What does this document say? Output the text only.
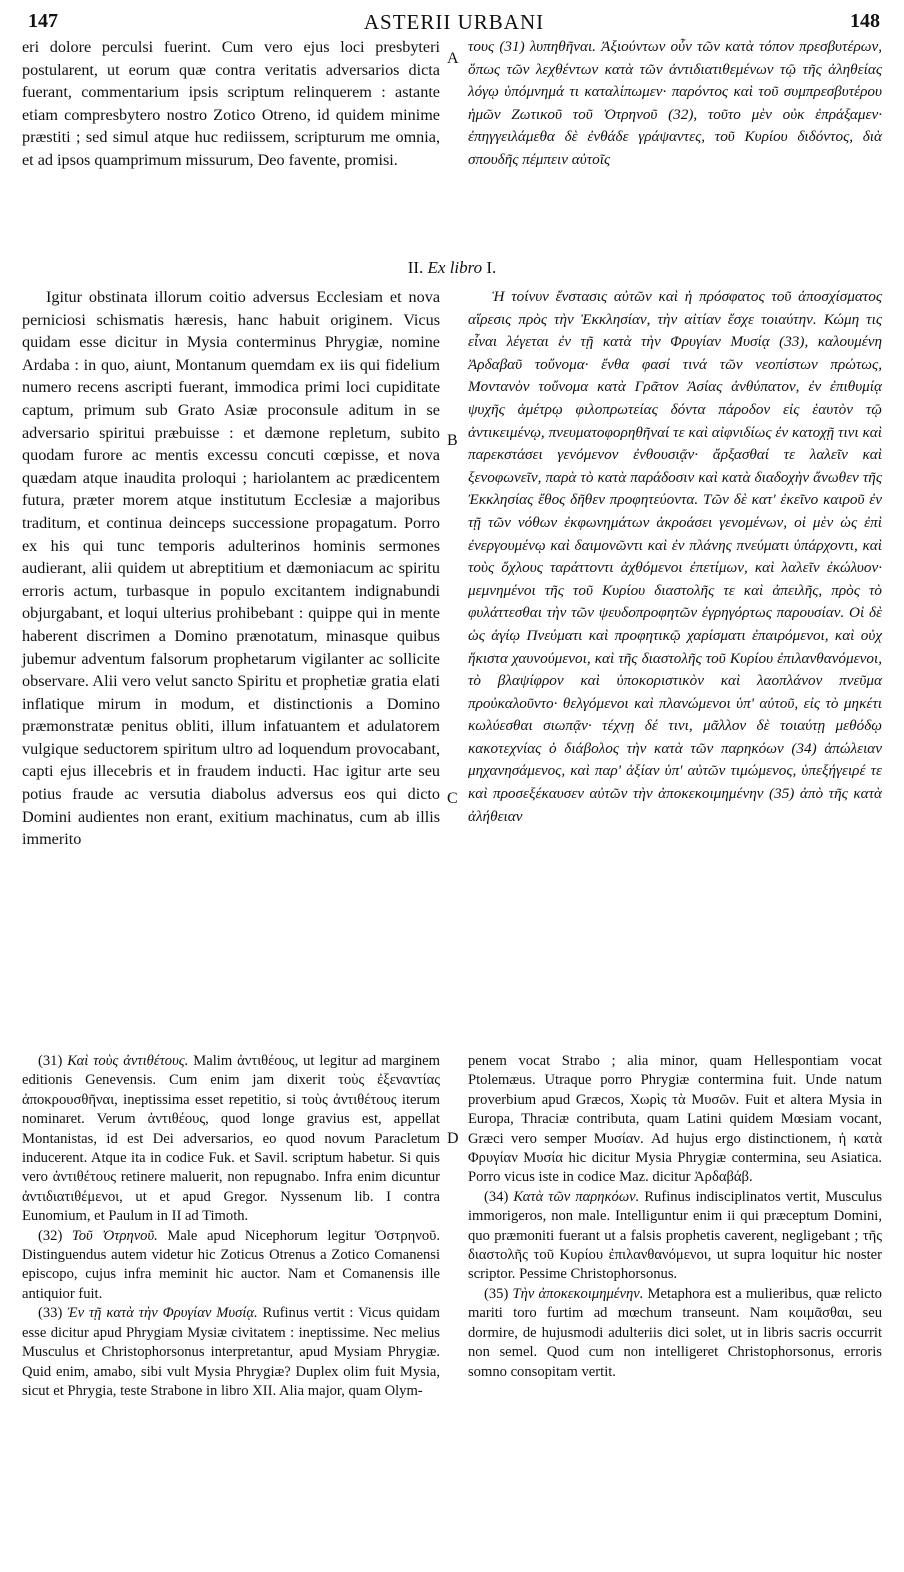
147	ASTERII URBANI	148

eri dolore perculsi fuerint. Cum vero ejus loci presbyteri postularent, ut eorum quæ contra veritatis adversarios dicta fuerant, commentarium ipsis scriptum relinquerem : astante etiam compresbytero nostro Zotico Otreno, id quidem minime præstiti ; sed simul atque huc rediissem, scripturum me omnia, et ad ipsos quamprimum missurum, Deo favente, promisi.

A

τους (31) λυπηθῆναι. Ἀξιούντων οὖν τῶν κατὰ τόπον πρεσβυτέρων, ὅπως τῶν λεχθέντων κατὰ τῶν ἀντιδιατιθεμένων τῷ τῆς ἀληθείας λόγῳ ὑπόμνημά τι καταλίπωμεν· παρόντος καὶ τοῦ συμπρεσβυτέρου ἡμῶν Ζωτικοῦ τοῦ Ὀτρηνοῦ (32), τοῦτο μὲν οὐκ ἐπράξαμεν· ἐπηγγειλάμεθα δὲ ἐνθάδε γράψαντες, τοῦ Κυρίου διδόντος, διὰ σπουδῆς πέμπειν αὐτοῖς

II. Ex libro I.

Igitur obstinata illorum coitio adversus Ecclesiam et nova perniciosi schismatis hæresis, hanc habuit originem. Vicus quidam esse dicitur in Mysia conterminus Phrygiæ, nomine Ardaba : in quo, aiunt, Montanum quemdam ex iis qui fidelium numero recens ascripti fuerant, immodica primi loci cupiditate captum, primum sub Grato Asiæ proconsule aditum in se adversario spiritui præbuisse : et dæmone repletum, subito quodam furore ac mentis excessu concuti cœpisse, et nova quædam atque inaudita proloqui ; hariolantem ac prædicentem futura, præter morem atque institutum Ecclesiæ a majoribus traditum, et continua deinceps successione propagatum. Porro ex his qui tunc temporis adulterinos hominis sermones audierant, alii quidem ut abreptitium et dæmoniacum ac spiritu erroris actum, turbasque in populo excitantem indignabundi objurgabant, et loqui ulterius prohibebant : quippe qui in mente haberent discrimen a Domino prænotatum, minasque quibus jubemur adventum falsorum prophetarum vigilanter ac sollicite observare. Alii vero velut sancto Spiritu et prophetiæ gratia elati inflatique mirum in modum, et distinctionis a Domino præmonstratæ penitus obliti, illum infatuantem et adulatorem vulgique seductorem spiritum ultro ad loquendum provocabant, capti ejus illecebris et in fraudem inducti. Hac igitur arte seu potius fraude ac versutia diabolus adversus eos qui dicto Domini audientes non erant, exitium machinatus, cum ab illis immerito

B
C

Ἡ τοίνυν ἔνστασις αὐτῶν καὶ ἡ πρόσφατος τοῦ ἀποσχίσματος αἵρεσις πρὸς τὴν Ἐκκλησίαν, τὴν αἰτίαν ἔσχε τοιαύτην. Κώμη τις εἶναι λέγεται ἐν τῇ κατὰ τὴν Φρυγίαν Μυσίᾳ (33), καλουμένη Ἀρδαβαῦ τοὔνομα· ἔνθα φασί τινά τῶν νεοπίστων πρώτως, Μοντανὸν τοὔνομα κατὰ Γρᾶτον Ἀσίας ἀνθύπατον, ἐν ἐπιθυμίᾳ ψυχῆς ἀμέτρῳ φιλοπρωτείας δόντα πάροδον εἰς ἑαυτὸν τῷ ἀντικειμένῳ, πνευματοφορηθῆναί τε καὶ αἰφνιδίως ἐν κατοχῇ τινι καὶ παρεκστάσει γενόμενον ἐνθουσιᾷν· ἄρξασθαί τε λαλεῖν καὶ ξενοφωνεῖν, παρὰ τὸ κατὰ παράδοσιν καὶ κατὰ διαδοχὴν ἄνωθεν τῆς Ἐκκλησίας ἔθος δῆθεν προφητεύοντα. Τῶν δὲ κατ' ἐκεῖνο καιροῦ ἐν τῇ τῶν νόθων ἐκφωνημάτων ἀκροάσει γενομένων, οἱ μὲν ὡς ἐπὶ ἐνεργουμένῳ καὶ δαιμονῶντι καὶ ἐν πλάνης πνεύματι ὑπάρχοντι, καὶ τοὺς ὄχλους ταράττοντι ἀχθόμενοι ἐπετίμων, καὶ λαλεῖν ἐκώλυον· μεμνημένοι τῆς τοῦ Κυρίου διαστολῆς τε καὶ ἀπειλῆς, πρὸς τὸ φυλάττεσθαι τὴν τῶν ψευδοπροφητῶν ἐγρηγόρτως παρουσίαν. Οἱ δὲ ὡς ἁγίῳ Πνεύματι καὶ προφητικῷ χαρίσματι ἐπαιρόμενοι, καὶ οὐχ ἥκιστα χαυνούμενοι, καὶ τῆς διαστολῆς τοῦ Κυρίου ἐπιλανθανόμενοι, τὸ βλαψίφρον καὶ ὑποκοριστικὸν καὶ λαοπλάνον πνεῦμα προὐκαλοῦντο· θελγόμενοι καὶ πλανώμενοι ὑπ' αὐτοῦ, εἰς τὸ μηκέτι κωλύεσθαι σιωπᾷν· τέχνῃ δέ τινι, μᾶλλον δὲ τοιαύτῃ μεθόδῳ κακοτεχνίας ὁ διάβολος τὴν κατὰ τῶν παρηκόων (34) ἀπώλειαν μηχανησάμενος, καὶ παρ' ἀξίαν ὑπ' αὐτῶν τιμώμενος, ὑπεξήγειρέ τε καὶ προσεξέκαυσεν αὐτῶν τὴν ἀποκεκοιμημένην (35) ἀπὸ τῆς κατὰ ἀλήθειαν

(31) Καὶ τοὺς ἀντιθέτους. Malim ἀντιθέους, ut legitur ad marginem editionis Genevensis. Cum enim jam dixerit τοὺς ἐξεναντίας ἀποκρουσθῆναι, ineptissima esset repetitio, si τοὺς ἀντιθέτους iterum nominaret. Verum ἀντιθέους, quod longe gravius est, appellat Montanistas, id est Dei adversarios, eo quod novum Paracletum inducerent. Atque ita in codice Fuk. et Savil. scriptum habetur. Si quis vero ἀντιθέτους retinere maluerit, non repugnabo. Infra enim dicuntur ἀντιδιατιθέμενοι, ut et apud Gregor. Nyssenum lib. I contra Eunomium, et Paulum in II ad Timoth.

(32) Τοῦ Ὀτρηνοῦ. Male apud Nicephorum legitur Ὀστρηνοῦ. Distinguendus autem videtur hic Zoticus Otrenus a Zotico Comanensi episcopo, cujus infra meminit hic auctor. Nam et Comanensis ille antiquior fuit.

(33) Ἐν τῇ κατὰ τὴν Φρυγίαν Μυσίᾳ. Rufinus vertit : Vicus quidam esse dicitur apud Phrygiam Mysiæ civitatem : ineptissime. Nec melius Musculus et Christophorsonus interpretantur, apud Mysiam Phrygiæ. Quid enim, amabo, sibi vult Mysia Phrygiæ? Duplex olim fuit Mysia, sicut et Phrygia, teste Strabone in libro XII. Alia major, quam Olym-

D

penem vocat Strabo ; alia minor, quam Hellespontiam vocat Ptolemæus. Utraque porro Phrygiæ contermina fuit. Unde natum proverbium apud Græcos, Χωρὶς τὰ Μυσῶν. Fuit et altera Mysia in Europa, Thraciæ contributa, quam Latini quidem Mœsiam vocant, Græci vero semper Μυσίαν. Ad hujus ergo distinctionem, ἡ κατὰ Φρυγίαν Μυσία hic dicitur Mysia Phrygiæ contermina, seu Asiatica. Porro vicus iste in codice Maz. dicitur Ἀρδαβάβ.

(34) Κατὰ τῶν παρηκόων. Rufinus indisciplinatos vertit, Musculus immorigeros, non male. Intelliguntur enim ii qui præceptum Domini, quo præmoniti fuerant ut a falsis prophetis caverent, negligebant ; τῆς διαστολῆς τοῦ Κυρίου ἐπιλανθανόμενοι, ut supra loquitur hic noster scriptor. Pessime Christophorsonus.

(35) Τὴν ἀποκεκοιμημένην. Metaphora est a mulieribus, quæ relicto mariti toro furtim ad mœchum transeunt. Nam κοιμᾶσθαι, seu dormire, de hujusmodi adulteriis dici solet, ut in libris sacris occurrit non semel. Quod cum non intelligeret Christophorsonus, erroris somno consopitam vertit.
